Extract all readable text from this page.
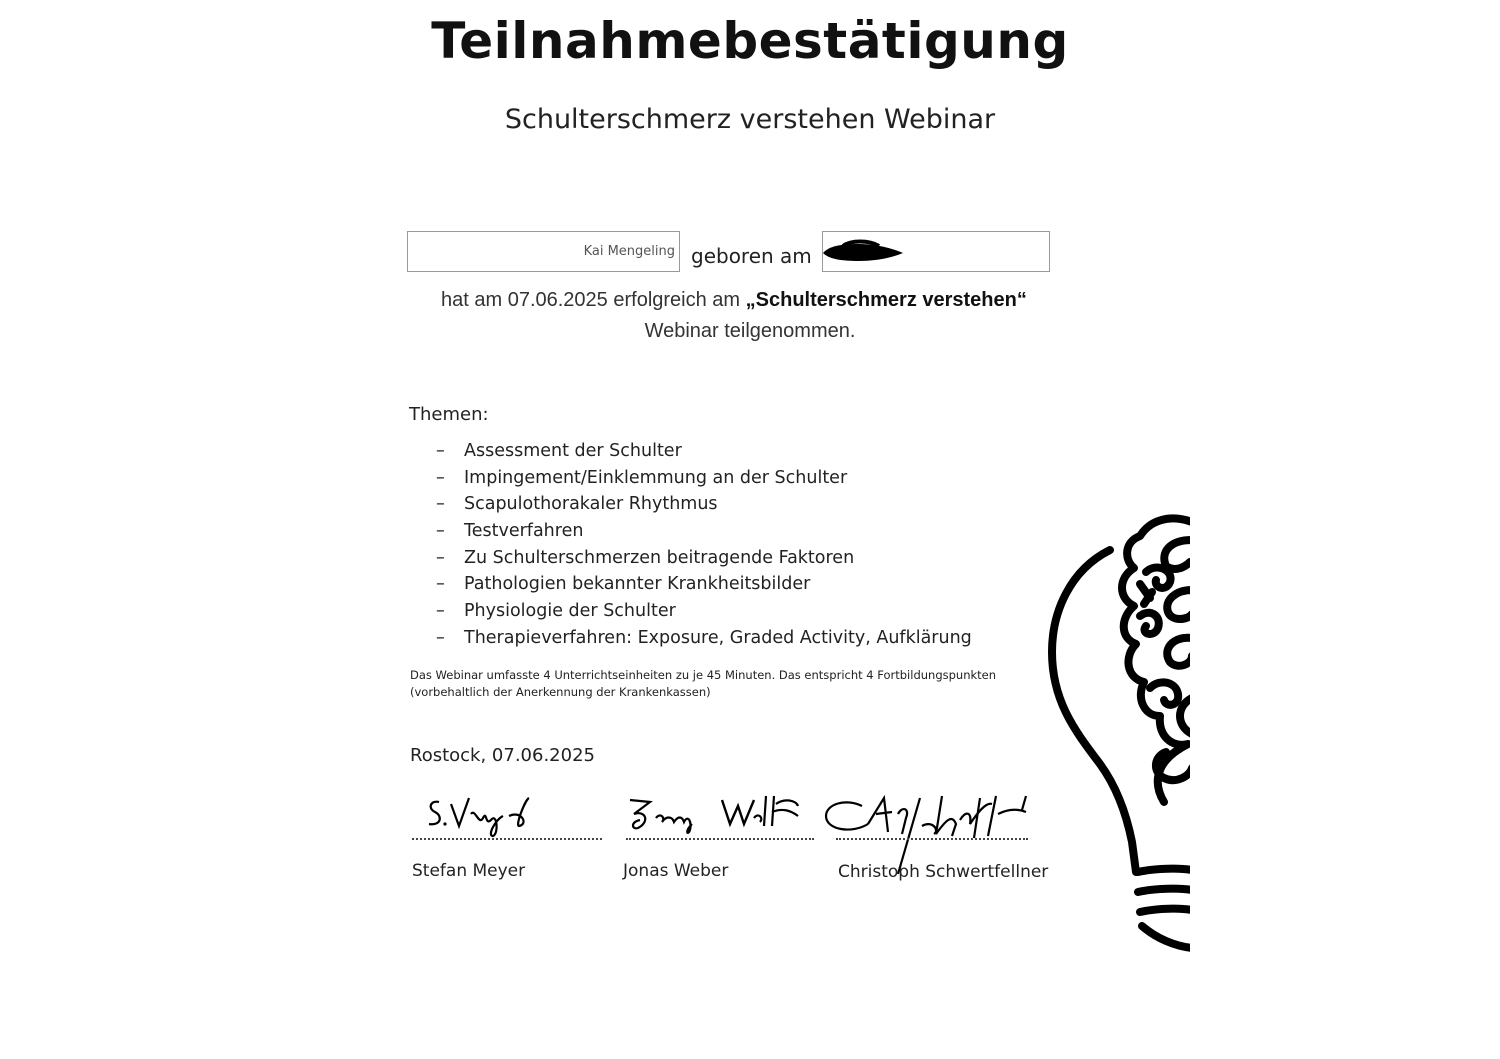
Teilnahmebestätigung
Schulterschmerz verstehen Webinar
Kai Mengeling geboren am
hat am 07.06.2025 erfolgreich am „Schulterschmerz verstehen“
Webinar teilgenommen.
Themen:
– Assessment der Schulter
– Impingement/Einklemmung an der Schulter
– Scapulothorakaler Rhythmus
– Testverfahren
– Zu Schulterschmerzen beitragende Faktoren
– Pathologien bekannter Krankheitsbilder
– Physiologie der Schulter
– Therapieverfahren: Exposure, Graded Activity, Aufklärung
Das Webinar umfasste 4 Unterrichtseinheiten zu je 45 Minuten. Das entspricht 4 Fortbildungspunkten
(vorbehaltlich der Anerkennung der Krankenkassen)
Rostock, 07.06.2025
Stefan Meyer	Jonas Weber	Christoph Schwertfellner
